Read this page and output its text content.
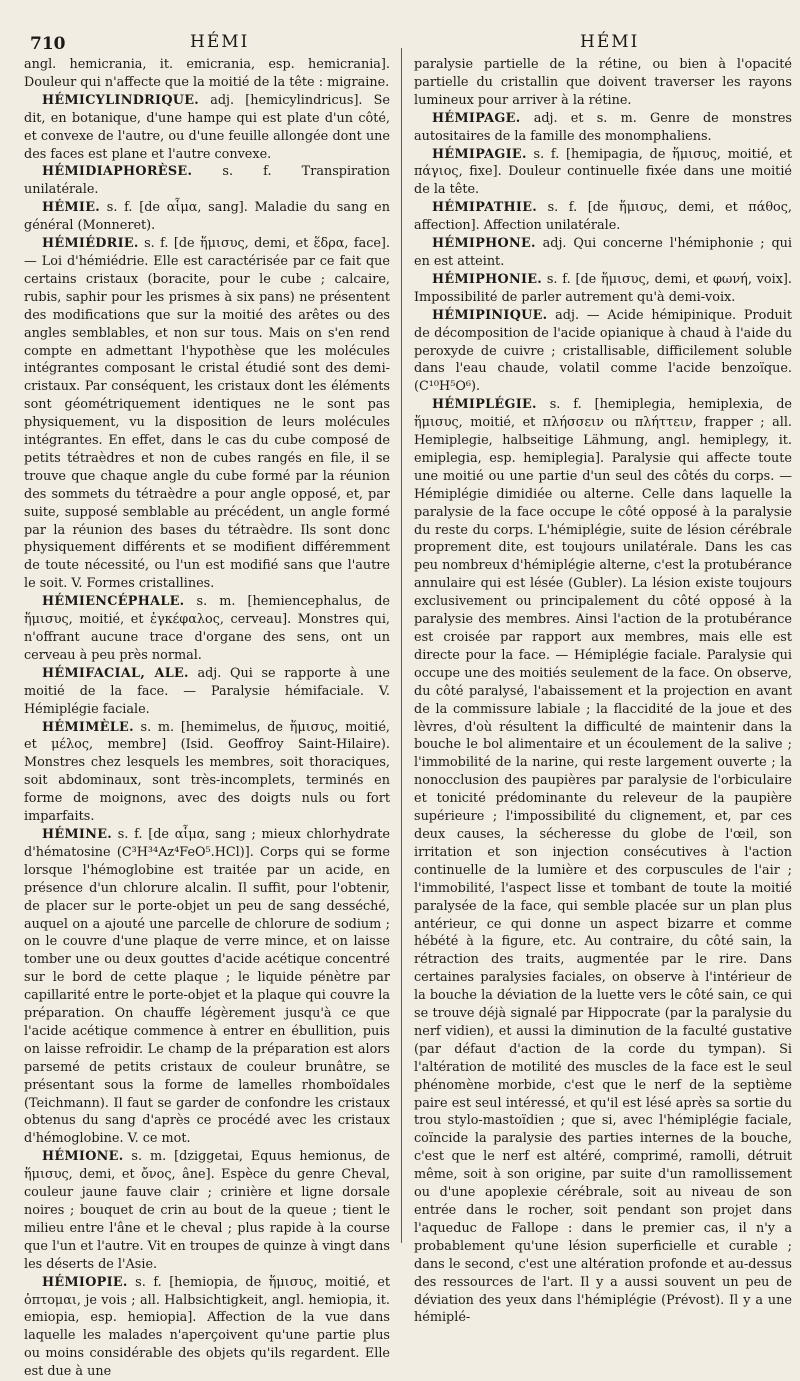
710	HÉMI	HÉMI

angl. hemicrania, it. emicrania, esp. hemicrania]. Douleur qui n'affecte que la moitié de la tête : migraine.

HÉMICYLINDRIQUE. adj. [hemicylindricus]. Se dit, en botanique, d'une hampe qui est plate d'un côté, et convexe de l'autre, ou d'une feuille allongée dont une des faces est plane et l'autre convexe.

HÉMIDIAPHORÈSE. s. f. Transpiration unilatérale.

HÉMIE. s. f. [de αἷμα, sang]. Maladie du sang en général (Monneret).

HÉMIÉDRIE. s. f. [de ἥμισυς, demi, et ἕδρα, face]. — Loi d'hémiédrie. Elle est caractérisée par ce fait que certains cristaux (boracite, pour le cube ; calcaire, rubis, saphir pour les prismes à six pans) ne présentent des modifications que sur la moitié des arêtes ou des angles semblables, et non sur tous. Mais on s'en rend compte en admettant l'hypothèse que les molécules intégrantes composant le cristal étudié sont des demi-cristaux. Par conséquent, les cristaux dont les éléments sont géométriquement identiques ne le sont pas physiquement, vu la disposition de leurs molécules intégrantes. En effet, dans le cas du cube composé de petits tétraèdres et non de cubes rangés en file, il se trouve que chaque angle du cube formé par la réunion des sommets du tétraèdre a pour angle opposé, et, par suite, supposé semblable au précédent, un angle formé par la réunion des bases du tétraèdre. Ils sont donc physiquement différents et se modifient différemment de toute nécessité, ou l'un est modifié sans que l'autre le soit. V. Formes cristallines.

HÉMIENCÉPHALE. s. m. [hemiencephalus, de ἥμισυς, moitié, et ἐγκέφαλος, cerveau]. Monstres qui, n'offrant aucune trace d'organe des sens, ont un cerveau à peu près normal.

HÉMIFACIAL, ALE. adj. Qui se rapporte à une moitié de la face. — Paralysie hémifaciale. V. Hémiplégie faciale.

HÉMIMÈLE. s. m. [hemimelus, de ἥμισυς, moitié, et μέλος, membre] (Isid. Geoffroy Saint-Hilaire). Monstres chez lesquels les membres, soit thoraciques, soit abdominaux, sont très-incomplets, terminés en forme de moignons, avec des doigts nuls ou fort imparfaits.

HÉMINE. s. f. [de αἷμα, sang ; mieux chlorhydrate d'hématosine (C³H³⁴Az⁴FeO⁵.HCl)]. Corps qui se forme lorsque l'hémoglobine est traitée par un acide, en présence d'un chlorure alcalin. Il suffit, pour l'obtenir, de placer sur le porte-objet un peu de sang desséché, auquel on a ajouté une parcelle de chlorure de sodium ; on le couvre d'une plaque de verre mince, et on laisse tomber une ou deux gouttes d'acide acétique concentré sur le bord de cette plaque ; le liquide pénètre par capillarité entre le porte-objet et la plaque qui couvre la préparation. On chauffe légèrement jusqu'à ce que l'acide acétique commence à entrer en ébullition, puis on laisse refroidir. Le champ de la préparation est alors parsemé de petits cristaux de couleur brunâtre, se présentant sous la forme de lamelles rhomboïdales (Teichmann). Il faut se garder de confondre les cristaux obtenus du sang d'après ce procédé avec les cristaux d'hémoglobine. V. ce mot.

HÉMIONE. s. m. [dziggetai, Equus hemionus, de ἥμισυς, demi, et ὄνος, âne]. Espèce du genre Cheval, couleur jaune fauve clair ; crinière et ligne dorsale noires ; bouquet de crin au bout de la queue ; tient le milieu entre l'âne et le cheval ; plus rapide à la course que l'un et l'autre. Vit en troupes de quinze à vingt dans les déserts de l'Asie.

HÉMIOPIE. s. f. [hemiopia, de ἥμισυς, moitié, et ὀπτομαι, je vois ; all. Halbsichtigkeit, angl. hemiopia, it. emiopia, esp. hemiopia]. Affection de la vue dans laquelle les malades n'aperçoivent qu'une partie plus ou moins considérable des objets qu'ils regardent. Elle est due à une

paralysie partielle de la rétine, ou bien à l'opacité partielle du cristallin que doivent traverser les rayons lumineux pour arriver à la rétine.

HÉMIPAGE. adj. et s. m. Genre de monstres autositaires de la famille des monomphaliens.

HÉMIPAGIE. s. f. [hemipagia, de ἥμισυς, moitié, et πάγιος, fixe]. Douleur continuelle fixée dans une moitié de la tête.

HÉMIPATHIE. s. f. [de ἥμισυς, demi, et πάθος, affection]. Affection unilatérale.

HÉMIPHONE. adj. Qui concerne l'hémiphonie ; qui en est atteint.

HÉMIPHONIE. s. f. [de ἥμισυς, demi, et φωνή, voix]. Impossibilité de parler autrement qu'à demi-voix.

HÉMIPINIQUE. adj. — Acide hémipinique. Produit de décomposition de l'acide opianique à chaud à l'aide du peroxyde de cuivre ; cristallisable, difficilement soluble dans l'eau chaude, volatil comme l'acide benzoïque. (C¹⁰H⁵O⁶).

HÉMIPLÉGIE. s. f. [hemiplegia, hemiplexia, de ἥμισυς, moitié, et πλήσσειν ou πλήττειν, frapper ; all. Hemiplegie, halbseitige Lähmung, angl. hemiplegy, it. emiplegia, esp. hemiplegia]. Paralysie qui affecte toute une moitié ou une partie d'un seul des côtés du corps. — Hémiplégie dimidiée ou alterne. Celle dans laquelle la paralysie de la face occupe le côté opposé à la paralysie du reste du corps. L'hémiplégie, suite de lésion cérébrale proprement dite, est toujours unilatérale. Dans les cas peu nombreux d'hémiplégie alterne, c'est la protubérance annulaire qui est lésée (Gubler). La lésion existe toujours exclusivement ou principalement du côté opposé à la paralysie des membres. Ainsi l'action de la protubérance est croisée par rapport aux membres, mais elle est directe pour la face. — Hémiplégie faciale. Paralysie qui occupe une des moitiés seulement de la face. On observe, du côté paralysé, l'abaissement et la projection en avant de la commissure labiale ; la flaccidité de la joue et des lèvres, d'où résultent la difficulté de maintenir dans la bouche le bol alimentaire et un écoulement de la salive ; l'immobilité de la narine, qui reste largement ouverte ; la nonocclusion des paupières par paralysie de l'orbiculaire et tonicité prédominante du releveur de la paupière supérieure ; l'impossibilité du clignement, et, par ces deux causes, la sécheresse du globe de l'œil, son irritation et son injection consécutives à l'action continuelle de la lumière et des corpuscules de l'air ; l'immobilité, l'aspect lisse et tombant de toute la moitié paralysée de la face, qui semble placée sur un plan plus antérieur, ce qui donne un aspect bizarre et comme hébété à la figure, etc. Au contraire, du côté sain, la rétraction des traits, augmentée par le rire. Dans certaines paralysies faciales, on observe à l'intérieur de la bouche la déviation de la luette vers le côté sain, ce qui se trouve déjà signalé par Hippocrate (par la paralysie du nerf vidien), et aussi la diminution de la faculté gustative (par défaut d'action de la corde du tympan). Si l'altération de motilité des muscles de la face est le seul phénomène morbide, c'est que le nerf de la septième paire est seul intéressé, et qu'il est lésé après sa sortie du trou stylo-mastoïdien ; que si, avec l'hémiplégie faciale, coïncide la paralysie des parties internes de la bouche, c'est que le nerf est altéré, comprimé, ramolli, détruit même, soit à son origine, par suite d'un ramollissement ou d'une apoplexie cérébrale, soit au niveau de son entrée dans le rocher, soit pendant son projet dans l'aqueduc de Fallope : dans le premier cas, il n'y a probablement qu'une lésion superficielle et curable ; dans le second, c'est une altération profonde et au-dessus des ressources de l'art. Il y a aussi souvent un peu de déviation des yeux dans l'hémiplégie (Prévost). Il y a une hémiplé-
